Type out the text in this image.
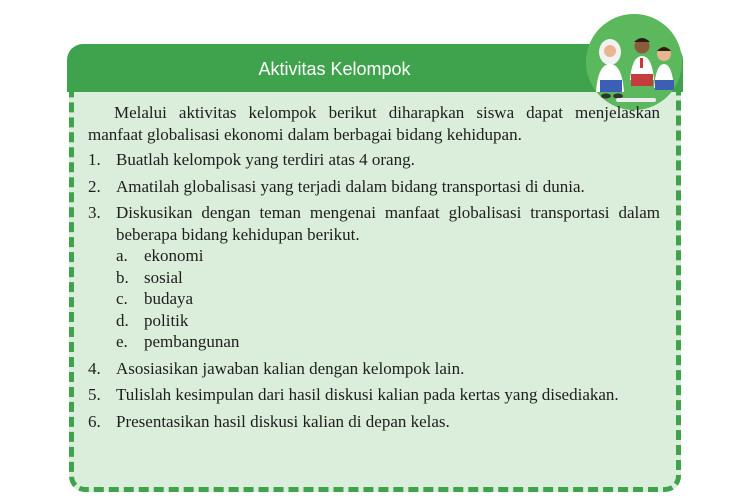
Aktivitas Kelompok

Melalui aktivitas kelompok berikut diharapkan siswa dapat menjelaskan manfaat globalisasi ekonomi dalam berbagai bidang kehidupan.

1. Buatlah kelompok yang terdiri atas 4 orang.
2. Amatilah globalisasi yang terjadi dalam bidang transportasi di dunia.
3. Diskusikan dengan teman mengenai manfaat globalisasi transportasi dalam beberapa bidang kehidupan berikut.
a. ekonomi
b. sosial
c. budaya
d. politik
e. pembangunan
4. Asosiasikan jawaban kalian dengan kelompok lain.
5. Tulislah kesimpulan dari hasil diskusi kalian pada kertas yang disediakan.
6. Presentasikan hasil diskusi kalian di depan kelas.
